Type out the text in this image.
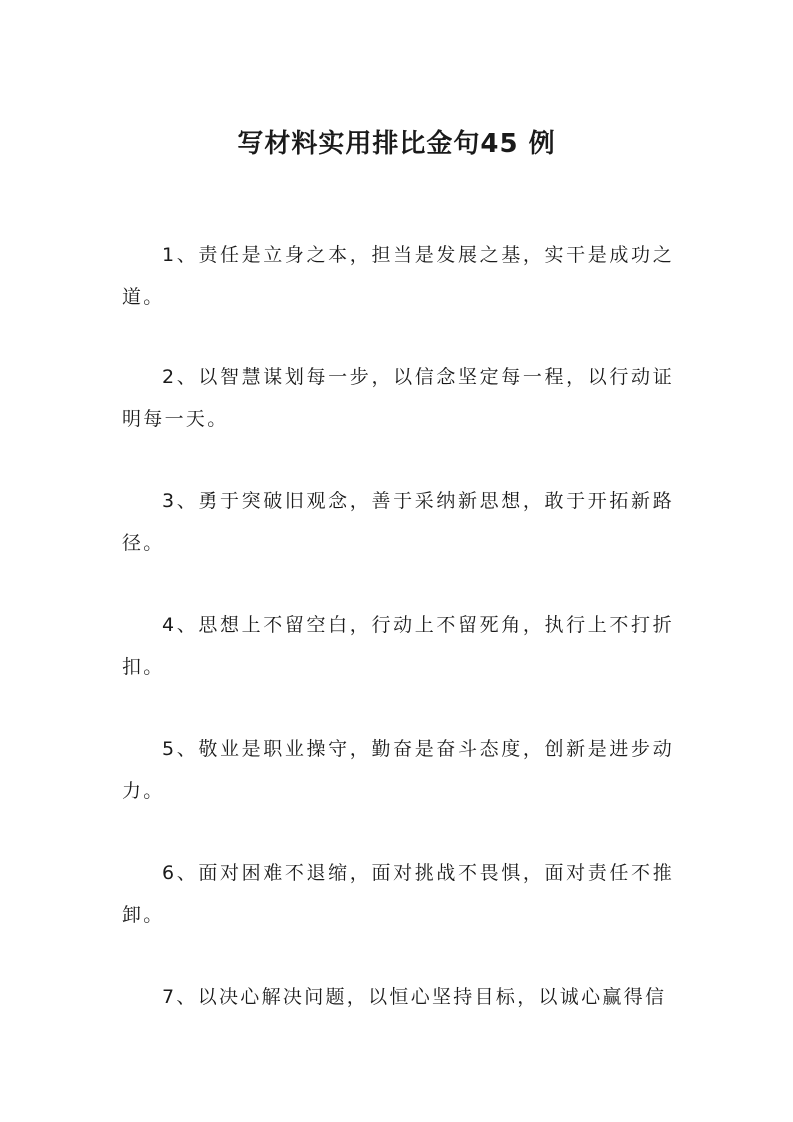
写材料实用排比金句45 例

1、责任是立身之本，担当是发展之基，实干是成功之道。

2、以智慧谋划每一步，以信念坚定每一程，以行动证明每一天。

3、勇于突破旧观念，善于采纳新思想，敢于开拓新路径。

4、思想上不留空白，行动上不留死角，执行上不打折扣。

5、敬业是职业操守，勤奋是奋斗态度，创新是进步动力。

6、面对困难不退缩，面对挑战不畏惧，面对责任不推卸。

7、以决心解决问题，以恒心坚持目标，以诚心赢得信
